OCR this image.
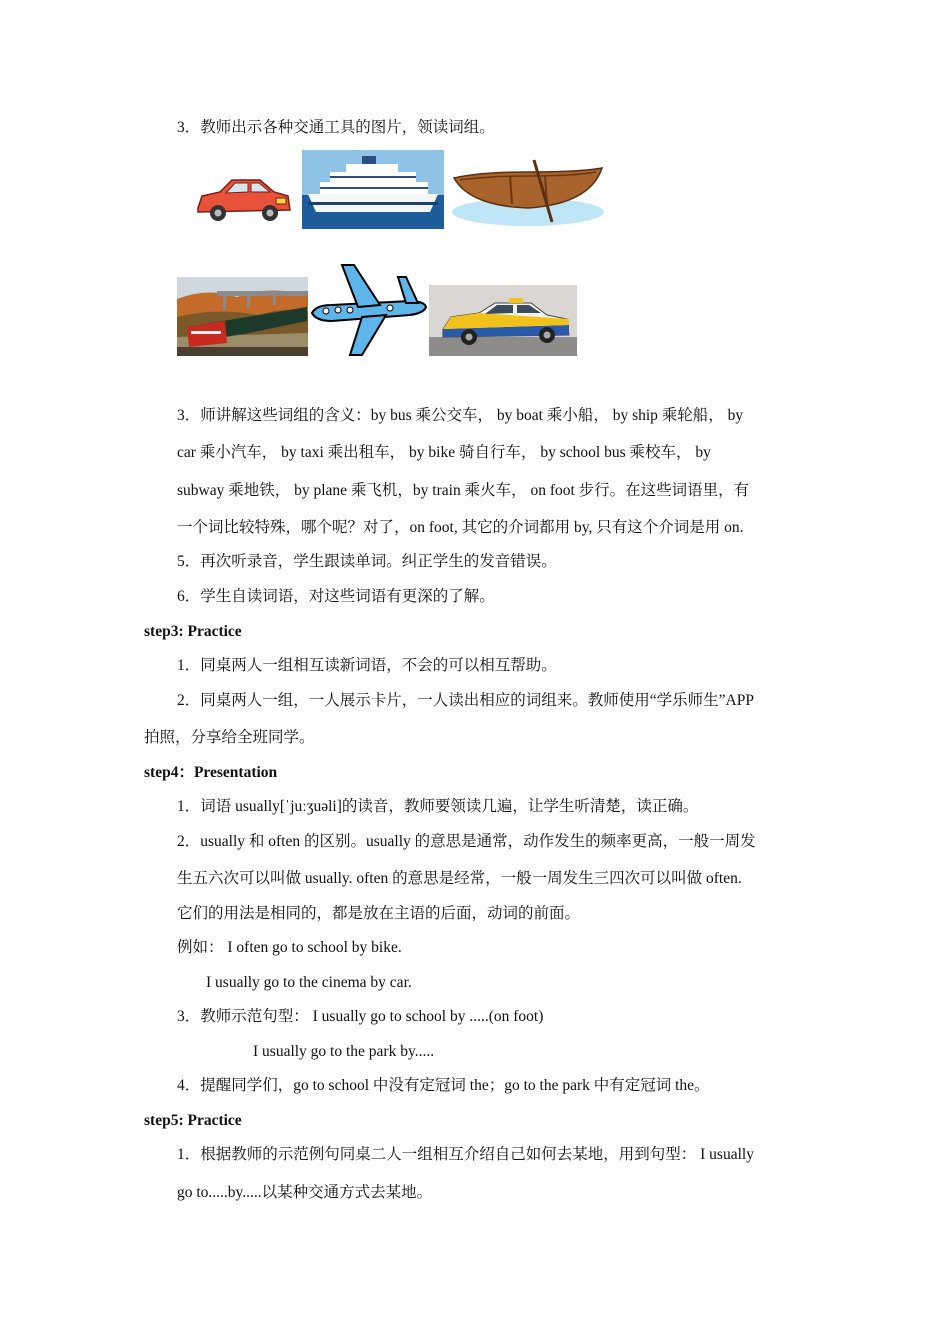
3．教师出示各种交通工具的图片，领读词组。
3．师讲解这些词组的含义：by bus 乘公交车， by boat 乘小船， by ship 乘轮船， by
car 乘小汽车， by taxi 乘出租车， by bike 骑自行车， by school bus 乘校车， by
subway 乘地铁， by plane 乘飞机，by train 乘火车， on foot 步行。在这些词语里，有
一个词比较特殊，哪个呢？对了，on foot, 其它的介词都用 by, 只有这个介词是用 on.
5．再次听录音，学生跟读单词。纠正学生的发音错误。
6．学生自读词语，对这些词语有更深的了解。
step3: Practice
1．同桌两人一组相互读新词语，不会的可以相互帮助。
2．同桌两人一组，一人展示卡片，一人读出相应的词组来。教师使用“学乐师生”APP
拍照，分享给全班同学。
step4：Presentation
1．词语 usually[ˈjuːʒuəli]的读音，教师要领读几遍，让学生听清楚，读正确。
2．usually 和 often 的区别。usually 的意思是通常，动作发生的频率更高，一般一周发
生五六次可以叫做 usually. often 的意思是经常，一般一周发生三四次可以叫做 often.
它们的用法是相同的，都是放在主语的后面，动词的前面。
例如： I often go to school by bike.
I usually go to the cinema by car.
3．教师示范句型： I usually go to school by .....(on foot)
I usually go to the park by.....
4．提醒同学们，go to school 中没有定冠词 the；go to the park 中有定冠词 the。
step5: Practice
1．根据教师的示范例句同桌二人一组相互介绍自己如何去某地，用到句型： I usually
go to.....by.....以某种交通方式去某地。
